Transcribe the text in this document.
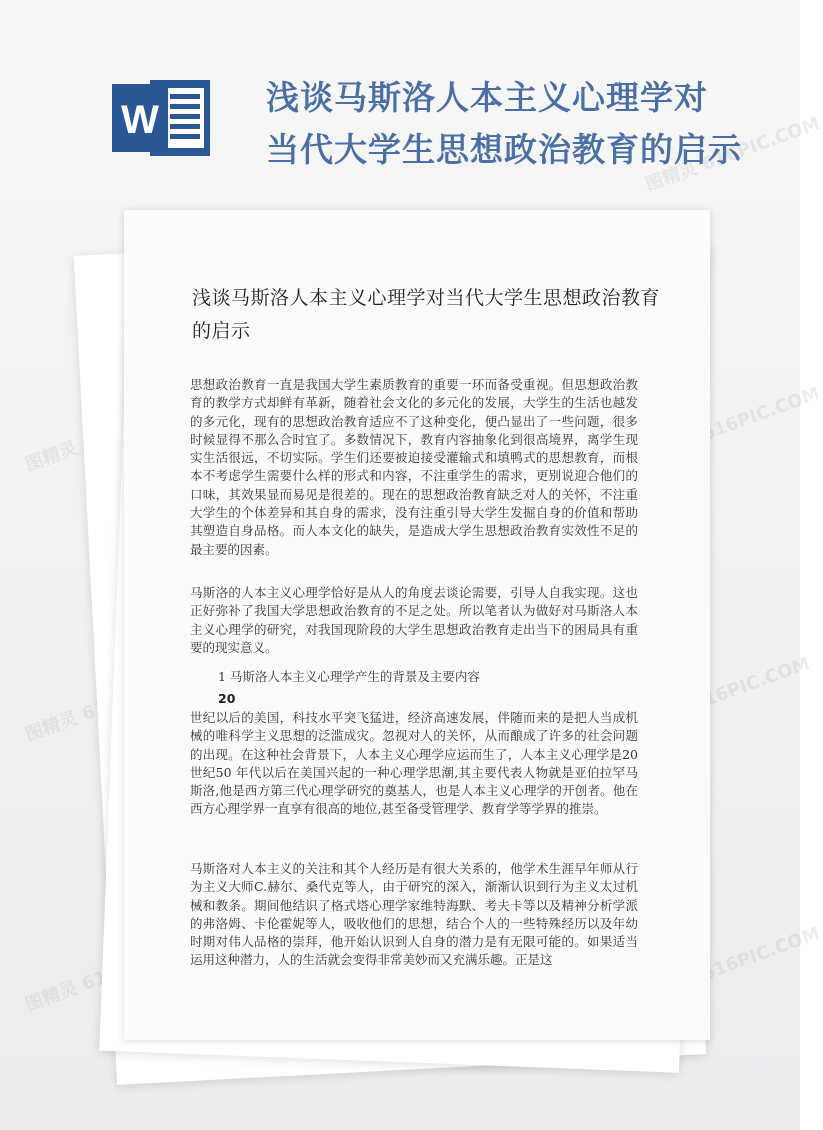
图精灵 616PIC.COM
图精灵	图精灵 616PIC.COM
图精灵	图精灵 616PIC.COM
图精灵	图精灵 616PIC.COM
W
浅谈马斯洛人本主义心理学对
当代大学生思想政治教育的启示
浅谈马斯洛人本主义心理学对当代大学生思想政治教育的启示

思想政治教育一直是我国大学生素质教育的重要一环而备受重视。但思想政治教育的教学方式却鲜有革新，随着社会文化的多元化的发展，大学生的生活也越发的多元化，现有的思想政治教育适应不了这种变化，便凸显出了一些问题，很多时候显得不那么合时宜了。多数情况下，教育内容抽象化到很高境界，离学生现实生活很远，不切实际。学生们还要被迫接受灌输式和填鸭式的思想教育，而根本不考虑学生需要什么样的形式和内容，不注重学生的需求，更别说迎合他们的口味，其效果显而易见是很差的。现在的思想政治教育缺乏对人的关怀，不注重大学生的个体差异和其自身的需求，没有注重引导大学生发掘自身的价值和帮助其塑造自身品格。而人本文化的缺失，是造成大学生思想政治教育实效性不足的最主要的因素。

马斯洛的人本主义心理学恰好是从人的角度去谈论需要，引导人自我实现。这也正好弥补了我国大学思想政治教育的不足之处。所以笔者认为做好对马斯洛人本主义心理学的研究，对我国现阶段的大学生思想政治教育走出当下的困局具有重要的现实意义。

1 马斯洛人本主义心理学产生的背景及主要内容
20

世纪以后的美国，科技水平突飞猛进，经济高速发展，伴随而来的是把人当成机械的唯科学主义思想的泛滥成灾。忽视对人的关怀，从而酿成了许多的社会问题的出现。在这种社会背景下，人本主义心理学应运而生了，人本主义心理学是20 世纪50 年代以后在美国兴起的一种心理学思潮,其主要代表人物就是亚伯拉罕马斯洛,他是西方第三代心理学研究的奠基人，也是人本主义心理学的开创者。他在西方心理学界一直享有很高的地位,甚至备受管理学、教育学等学界的推崇。

马斯洛对人本主义的关注和其个人经历是有很大关系的，他学术生涯早年师从行为主义大师C.赫尔、桑代克等人，由于研究的深入，渐渐认识到行为主义太过机械和教条。期间他结识了格式塔心理学家维特海默、考夫卡等以及精神分析学派的弗洛姆、卡伦霍妮等人，吸收他们的思想，结合个人的一些特殊经历以及年幼时期对伟人品格的崇拜，他开始认识到人自身的潜力是有无限可能的。如果适当运用这种潜力，人的生活就会变得非常美妙而又充满乐趣。正是这
